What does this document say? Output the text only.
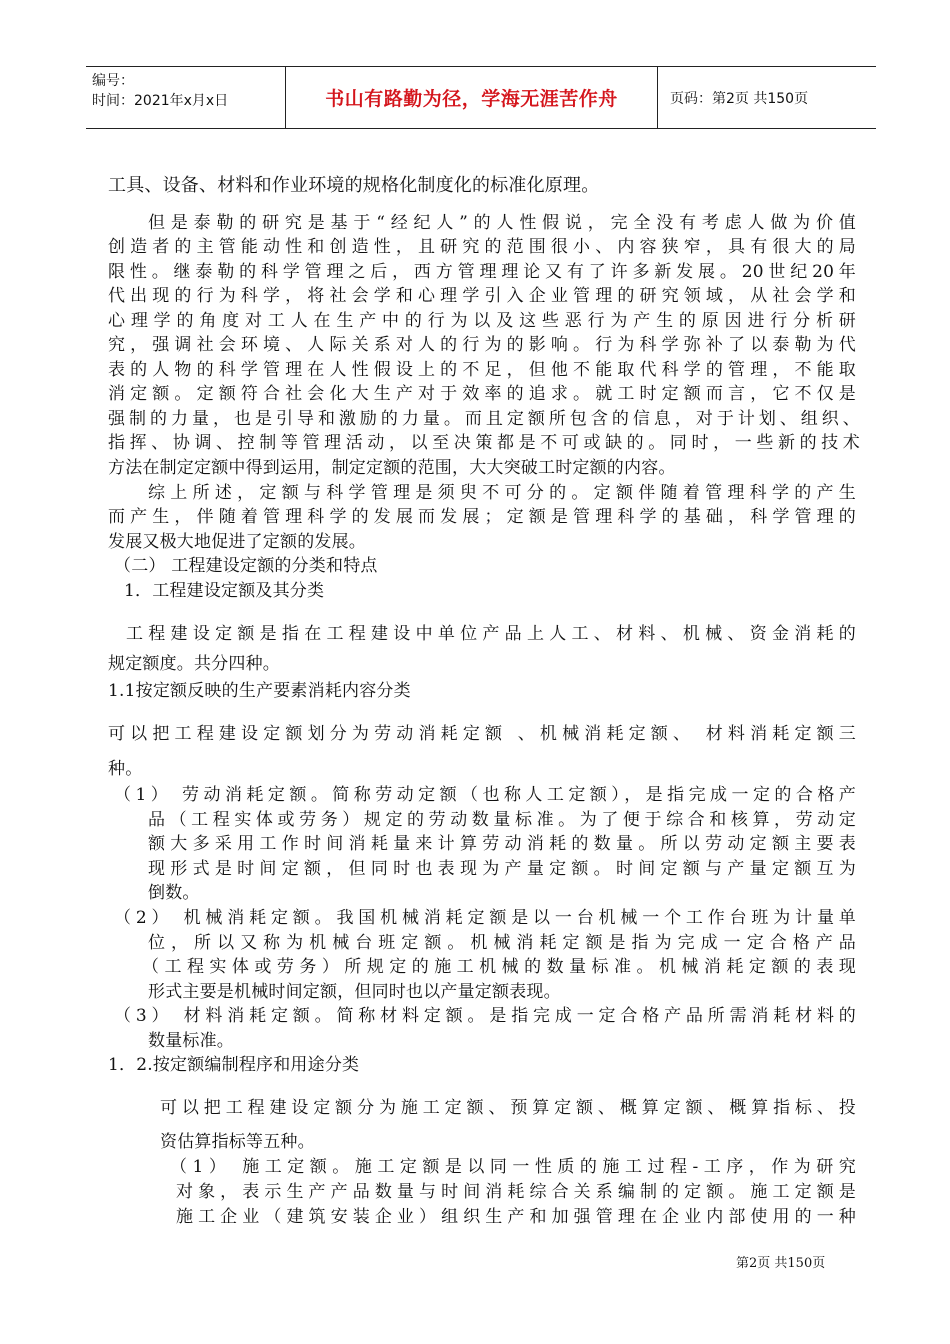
编号：
时间：2021年x月x日	书山有路勤为径，学海无涯苦作舟	页码：第2页 共150页
工具、设备、材料和作业环境的规格化制度化的标准化原理。
但是泰勒的研究是基于“经纪人”的人性假说，完全没有考虑人做为价值
创造者的主管能动性和创造性，且研究的范围很小、内容狭窄，具有很大的局
限性。继泰勒的科学管理之后，西方管理理论又有了许多新发展。20世纪20年
代出现的行为科学，将社会学和心理学引入企业管理的研究领域，从社会学和
心理学的角度对工人在生产中的行为以及这些恶行为产生的原因进行分析研
究，强调社会环境、人际关系对人的行为的影响。行为科学弥补了以泰勒为代
表的人物的科学管理在人性假设上的不足，但他不能取代科学的管理，不能取
消定额。定额符合社会化大生产对于效率的追求。就工时定额而言，它不仅是
强制的力量，也是引导和激励的力量。而且定额所包含的信息，对于计划、组织、
指挥、协调、控制等管理活动，以至决策都是不可或缺的。同时，一些新的技术
方法在制定定额中得到运用，制定定额的范围，大大突破工时定额的内容。
综上所述，定额与科学管理是须臾不可分的。定额伴随着管理科学的产生
而产生，伴随着管理科学的发展而发展；定额是管理科学的基础，科学管理的
发展又极大地促进了定额的发展。
（二） 工程建设定额的分类和特点
1．工程建设定额及其分类
工程建设定额是指在工程建设中单位产品上人工、材料、机械、资金消耗的
规定额度。共分四种。
1.1按定额反映的生产要素消耗内容分类
可以把工程建设定额划分为劳动消耗定额 、机械消耗定额、 材料消耗定额三
种。
（1） 劳动消耗定额。简称劳动定额（也称人工定额），是指完成一定的合格产
品（工程实体或劳务）规定的劳动数量标准。为了便于综合和核算，劳动定
额大多采用工作时间消耗量来计算劳动消耗的数量。所以劳动定额主要表
现形式是时间定额，但同时也表现为产量定额。时间定额与产量定额互为
倒数。
（2） 机械消耗定额。我国机械消耗定额是以一台机械一个工作台班为计量单
位，所以又称为机械台班定额。机械消耗定额是指为完成一定合格产品
（工程实体或劳务）所规定的施工机械的数量标准。机械消耗定额的表现
形式主要是机械时间定额，但同时也以产量定额表现。
（3） 材料消耗定额。简称材料定额。是指完成一定合格产品所需消耗材料的
数量标准。
1．2.按定额编制程序和用途分类
可以把工程建设定额分为施工定额、预算定额、概算定额、概算指标、投
资估算指标等五种。
（1） 施工定额。施工定额是以同一性质的施工过程-工序，作为研究
对象，表示生产产品数量与时间消耗综合关系编制的定额。施工定额是
施工企业（建筑安装企业）组织生产和加强管理在企业内部使用的一种
第2页 共150页
